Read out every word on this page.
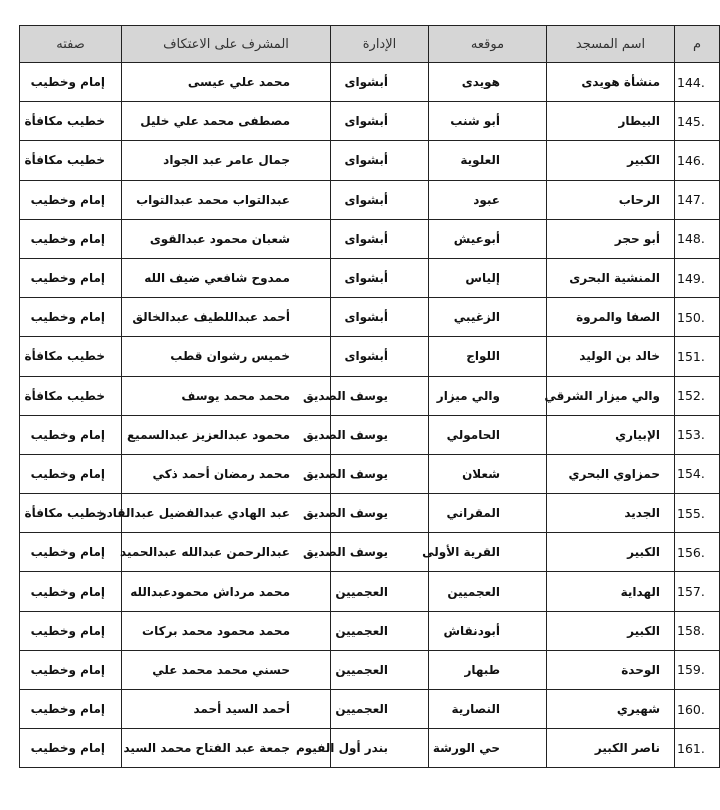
م	اسم المسجد	موقعه	الإدارة	المشرف على الاعتكاف	صفته
144.	منشأة هويدى	هويدى	أبشواى	محمد علي عيسى	إمام وخطيب
145.	البيطار	أبو شنب	أبشواى	مصطفى محمد علي خليل	خطيب مكافأة
146.	الكبير	العلوية	أبشواى	جمال عامر عبد الجواد	خطيب مكافأة
147.	الرحاب	عبود	أبشواى	عبدالتواب محمد عبدالتواب	إمام وخطيب
148.	أبو حجر	أبوعيش	أبشواى	شعبان محمود عبدالقوى	إمام وخطيب
149.	المنشية البحرى	إلياس	أبشواى	ممدوح شافعي ضيف الله	إمام وخطيب
150.	الصفا والمروة	الزغيبي	أبشواى	أحمد عبداللطيف عبدالخالق	إمام وخطيب
151.	خالد بن الوليد	اللواج	أبشواى	خميس رشوان قطب	خطيب مكافأة
152.	والي ميزار الشرقي	والي ميزار	يوسف الصديق	محمد محمد يوسف	خطيب مكافأة
153.	الإبياري	الحامولي	يوسف الصديق	محمود عبدالعزيز عبدالسميع	إمام وخطيب
154.	حمزاوي البحري	شعلان	يوسف الصديق	محمد رمضان أحمد ذكي	إمام وخطيب
155.	الجديد	المقراني	يوسف الصديق	عبد الهادي عبدالفضيل عبدالقادر	خطيب مكافأة
156.	الكبير	القرية الأولى	يوسف الصديق	عبدالرحمن عبدالله عبدالحميد	إمام وخطيب
157.	الهداية	العجميين	العجميين	محمد مرداش محمودعبدالله	إمام وخطيب
158.	الكبير	أبودنقاش	العجميين	محمد محمود محمد بركات	إمام وخطيب
159.	الوحدة	طبهار	العجميين	حسني محمد محمد علي	إمام وخطيب
160.	شهيري	النصارية	العجميين	أحمد السيد أحمد	إمام وخطيب
161.	ناصر الكبير	حي الورشة	بندر أول الفيوم	جمعة عبد الفتاح محمد السيد	إمام وخطيب
